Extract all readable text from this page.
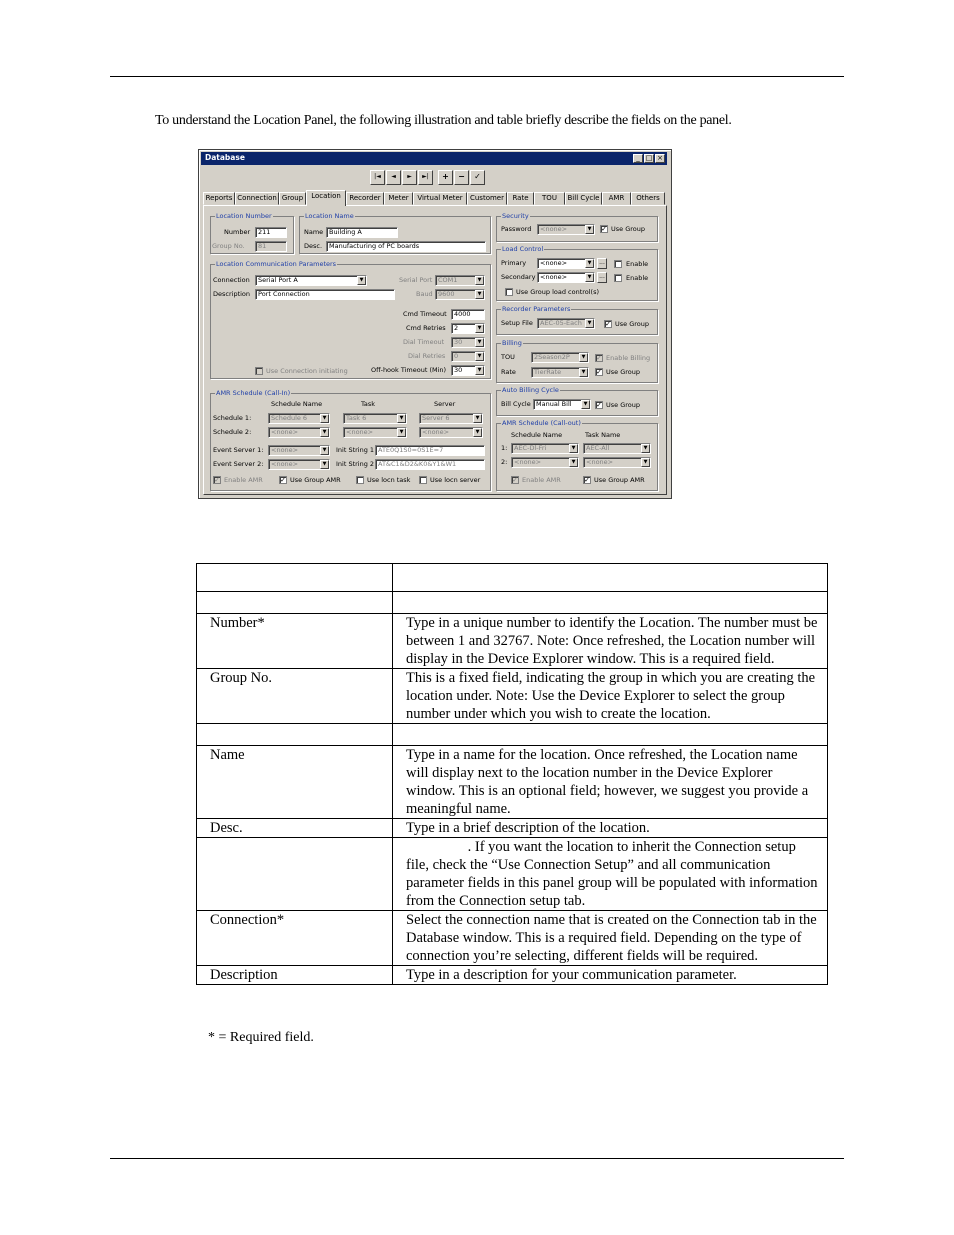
To understand the Location Panel, the following illustration and table briefly describe the fields on the panel.
Database	_ □ ×
|◄	◄	►	►|	+	−	✓
Reports Connection Group	Location	Recorder	Meter	Virtual Meter	Customer	Rate	TOU	Bill Cycle	AMR	Others
Location Number
Number	211
Group No.	81
Location Name
Name Building A
Desc.	Manufacturing of PC boards
Location Communication Parameters
Connection	Serial Port A	▼
Description	Port Connection
Serial Port COM1	▼
Baud 9600	▼
Cmd Timeout	4000
Cmd Retries	2	▼
Dial Timeout	30	▼
Dial Retries	0	▼
Use Connection initiating	Off-hook Timeout (Min)	30	▼
AMR Schedule (Call-In)
Schedule Name	Task	Server
Schedule 1:	Schedule 6	▼	Task 6	▼	Server 6	▼
Schedule 2:	<none>	▼	<none>	▼	<none>	▼
Event Server 1:	<none>	▼	Init String 1 ATE0Q1S0=0S1E=7
Event Server 2:	<none>	▼	Init String 2 AT&C1&D2&K0&Y1&W1
✓ Enable AMR ✓ Use Group AMR	Use locn task	Use locn server
Security
Password	<none>	▼	✓ Use Group
Load Control
Primary	<none>	▼	...	Enable
Secondary <none>	▼	...	Enable
Use Group load control(s)
Recorder Parameters
Setup File	AEC-05-Each	▼	✓ Use Group
Billing
TOU	2Season2P	▼	✓ Enable Billing
Rate	TierRate	▼	✓ Use Group
Auto Billing Cycle
Bill Cycle Manual Bill	▼	✓ Use Group
AMR Schedule (Call-out)
Schedule Name	Task Name
1:	AEC-Dl-Fri	▼	AEC-All	▼
2:	<none>	▼	<none>	▼
✓ Enable AMR	✓ Use Group AMR

Number*	Type in a unique number to identify the Location. The number must be between 1 and 32767. Note: Once refreshed, the Location number will display in the Device Explorer window. This is a required field.
Group No.	This is a fixed field, indicating the group in which you are creating the location under. Note: Use the Device Explorer to select the group number under which you wish to create the location.

Name	Type in a name for the location. Once refreshed, the Location name will display next to the location number in the Device Explorer window. This is an optional field; however, we suggest you provide a meaningful name.
Desc.	Type in a brief description of the location.
	. If you want the location to inherit the Connection setup file, check the “Use Connection Setup” and all communication parameter fields in this panel group will be populated with information from the Connection setup tab.
Connection*	Select the connection name that is created on the Connection tab in the Database window. This is a required field. Depending on the type of connection you’re selecting, different fields will be required.
Description	Type in a description for your communication parameter.
* = Required field.
